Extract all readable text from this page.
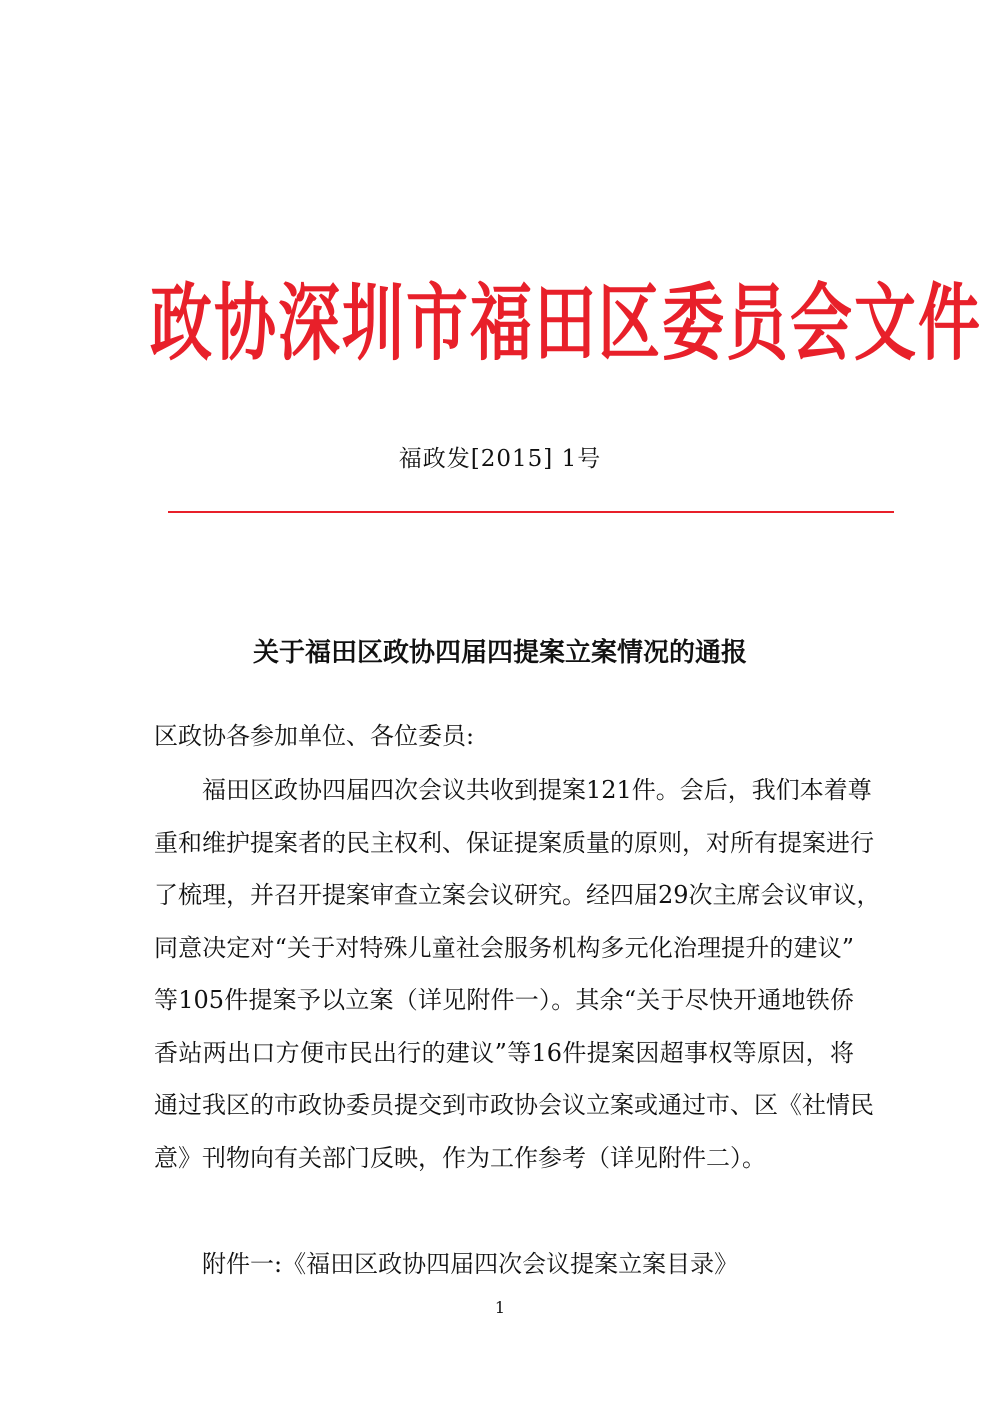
政协深圳市福田区委员会文件
福政发[2015] 1号
关于福田区政协四届四提案立案情况的通报
区政协各参加单位、各位委员:
福田区政协四届四次会议共收到提案121件。会后，我们本着尊
重和维护提案者的民主权利、保证提案质量的原则，对所有提案进行
了梳理，并召开提案审查立案会议研究。经四届29次主席会议审议，
同意决定对“关于对特殊儿童社会服务机构多元化治理提升的建议”
等105件提案予以立案（详见附件一）。其余“关于尽快开通地铁侨
香站两出口方便市民出行的建议”等16件提案因超事权等原因，将
通过我区的市政协委员提交到市政协会议立案或通过市、区《社情民
意》刊物向有关部门反映，作为工作参考（详见附件二）。
附件一:《福田区政协四届四次会议提案立案目录》
1
